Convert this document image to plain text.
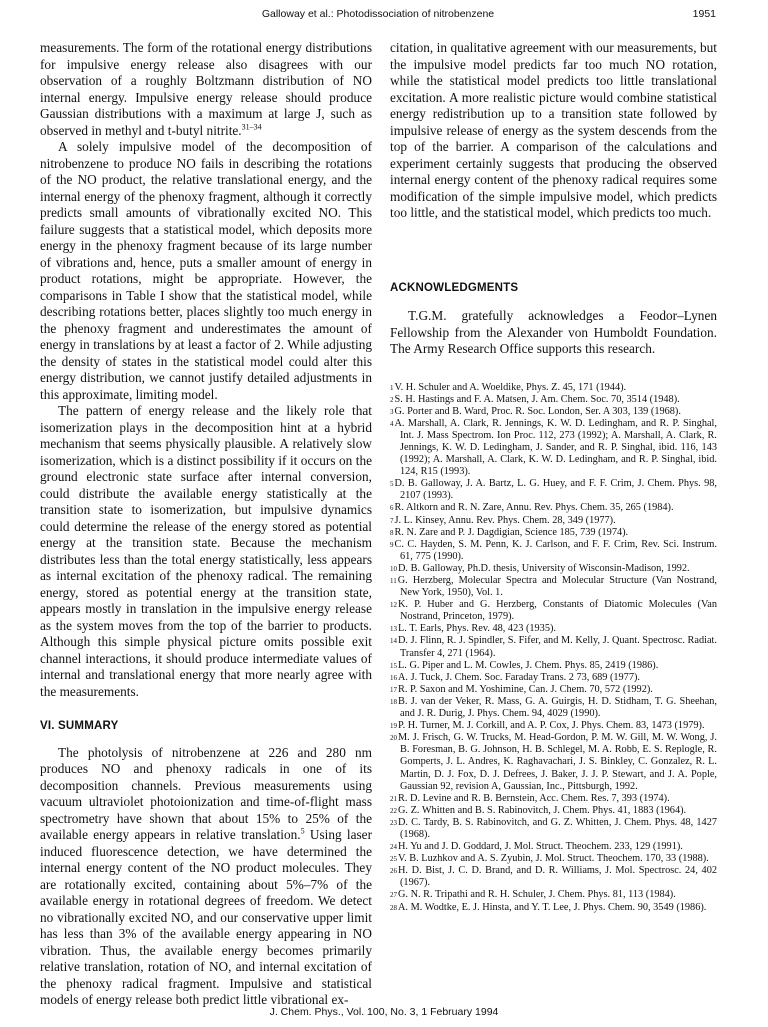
Galloway et al.: Photodissociation of nitrobenzene	1951

measurements. The form of the rotational energy distributions for impulsive energy release also disagrees with our observation of a roughly Boltzmann distribution of NO internal energy. Impulsive energy release should produce Gaussian distributions with a maximum at large J, such as observed in methyl and t-butyl nitrite.$^{31-34}$

A solely impulsive model of the decomposition of nitrobenzene to produce NO fails in describing the rotations of the NO product, the relative translational energy, and the internal energy of the phenoxy fragment, although it correctly predicts small amounts of vibrationally excited NO. This failure suggests that a statistical model, which deposits more energy in the phenoxy fragment because of its large number of vibrations and, hence, puts a smaller amount of energy in product rotations, might be appropriate. However, the comparisons in Table I show that the statistical model, while describing rotations better, places slightly too much energy in the phenoxy fragment and underestimates the amount of energy in translations by at least a factor of 2. While adjusting the density of states in the statistical model could alter this energy distribution, we cannot justify detailed adjustments in this approximate, limiting model.

The pattern of energy release and the likely role that isomerization plays in the decomposition hint at a hybrid mechanism that seems physically plausible. A relatively slow isomerization, which is a distinct possibility if it occurs on the ground electronic state surface after internal conversion, could distribute the available energy statistically at the transition state to isomerization, but impulsive dynamics could determine the release of the energy stored as potential energy at the transition state. Because the mechanism distributes less than the total energy statistically, less appears as internal excitation of the phenoxy radical. The remaining energy, stored as potential energy at the transition state, appears mostly in translation in the impulsive energy release as the system moves from the top of the barrier to products. Although this simple physical picture omits possible exit channel interactions, it should produce intermediate values of internal and translational energy that more nearly agree with the measurements.

VI. SUMMARY

The photolysis of nitrobenzene at 226 and 280 nm produces NO and phenoxy radicals in one of its decomposition channels. Previous measurements using vacuum ultraviolet photoionization and time-of-flight mass spectrometry have shown that about 15% to 25% of the available energy appears in relative translation.$^5$ Using laser induced fluorescence detection, we have determined the internal energy content of the NO product molecules. They are rotationally excited, containing about 5%–7% of the available energy in rotational degrees of freedom. We detect no vibrationally excited NO, and our conservative upper limit has less than 3% of the available energy appearing in NO vibration. Thus, the available energy becomes primarily relative translation, rotation of NO, and internal excitation of the phenoxy radical fragment. Impulsive and statistical models of energy release both predict little vibrational ex-

citation, in qualitative agreement with our measurements, but the impulsive model predicts far too much NO rotation, while the statistical model predicts too little translational excitation. A more realistic picture would combine statistical energy redistribution up to a transition state followed by impulsive release of energy as the system descends from the top of the barrier. A comparison of the calculations and experiment certainly suggests that producing the observed internal energy content of the phenoxy radical requires some modification of the simple impulsive model, which predicts too little, and the statistical model, which predicts too much.

ACKNOWLEDGMENTS

T.G.M. gratefully acknowledges a Feodor–Lynen Fellowship from the Alexander von Humboldt Foundation. The Army Research Office supports this research.

$^1$V. H. Schuler and A. Woeldike, Phys. Z. 45, 171 (1944).

$^2$S. H. Hastings and F. A. Matsen, J. Am. Chem. Soc. 70, 3514 (1948).

$^3$G. Porter and B. Ward, Proc. R. Soc. London, Ser. A 303, 139 (1968).

$^4$A. Marshall, A. Clark, R. Jennings, K. W. D. Ledingham, and R. P. Singhal, Int. J. Mass Spectrom. Ion Proc. 112, 273 (1992); A. Marshall, A. Clark, R. Jennings, K. W. D. Ledingham, J. Sander, and R. P. Singhal, ibid. 116, 143 (1992); A. Marshall, A. Clark, K. W. D. Ledingham, and R. P. Singhal, ibid. 124, R15 (1993).

$^5$D. B. Galloway, J. A. Bartz, L. G. Huey, and F. F. Crim, J. Chem. Phys. 98, 2107 (1993).

$^6$R. Altkorn and R. N. Zare, Annu. Rev. Phys. Chem. 35, 265 (1984).

$^7$J. L. Kinsey, Annu. Rev. Phys. Chem. 28, 349 (1977).

$^8$R. N. Zare and P. J. Dagdigian, Science 185, 739 (1974).

$^9$C. C. Hayden, S. M. Penn, K. J. Carlson, and F. F. Crim, Rev. Sci. Instrum. 61, 775 (1990).

$^{10}$D. B. Galloway, Ph.D. thesis, University of Wisconsin-Madison, 1992.

$^{11}$G. Herzberg, Molecular Spectra and Molecular Structure (Van Nostrand, New York, 1950), Vol. 1.

$^{12}$K. P. Huber and G. Herzberg, Constants of Diatomic Molecules (Van Nostrand, Princeton, 1979).

$^{13}$L. T. Earls, Phys. Rev. 48, 423 (1935).

$^{14}$D. J. Flinn, R. J. Spindler, S. Fifer, and M. Kelly, J. Quant. Spectrosc. Radiat. Transfer 4, 271 (1964).

$^{15}$L. G. Piper and L. M. Cowles, J. Chem. Phys. 85, 2419 (1986).

$^{16}$A. J. Tuck, J. Chem. Soc. Faraday Trans. 2 73, 689 (1977).

$^{17}$R. P. Saxon and M. Yoshimine, Can. J. Chem. 70, 572 (1992).

$^{18}$B. J. van der Veker, R. Mass, G. A. Guirgis, H. D. Stidham, T. G. Sheehan, and J. R. Durig, J. Phys. Chem. 94, 4029 (1990).

$^{19}$P. H. Turner, M. J. Corkill, and A. P. Cox, J. Phys. Chem. 83, 1473 (1979).

$^{20}$M. J. Frisch, G. W. Trucks, M. Head-Gordon, P. M. W. Gill, M. W. Wong, J. B. Foresman, B. G. Johnson, H. B. Schlegel, M. A. Robb, E. S. Replogle, R. Gomperts, J. L. Andres, K. Raghavachari, J. S. Binkley, C. Gonzalez, R. L. Martin, D. J. Fox, D. J. Defrees, J. Baker, J. J. P. Stewart, and J. A. Pople, Gaussian 92, revision A, Gaussian, Inc., Pittsburgh, 1992.

$^{21}$R. D. Levine and R. B. Bernstein, Acc. Chem. Res. 7, 393 (1974).

$^{22}$G. Z. Whitten and B. S. Rabinovitch, J. Chem. Phys. 41, 1883 (1964).

$^{23}$D. C. Tardy, B. S. Rabinovitch, and G. Z. Whitten, J. Chem. Phys. 48, 1427 (1968).

$^{24}$H. Yu and J. D. Goddard, J. Mol. Struct. Theochem. 233, 129 (1991).

$^{25}$V. B. Luzhkov and A. S. Zyubin, J. Mol. Struct. Theochem. 170, 33 (1988).

$^{26}$H. D. Bist, J. C. D. Brand, and D. R. Williams, J. Mol. Spectrosc. 24, 402 (1967).

$^{27}$G. N. R. Tripathi and R. H. Schuler, J. Chem. Phys. 81, 113 (1984).

$^{28}$A. M. Wodtke, E. J. Hinsta, and Y. T. Lee, J. Phys. Chem. 90, 3549 (1986).

J. Chem. Phys., Vol. 100, No. 3, 1 February 1994
